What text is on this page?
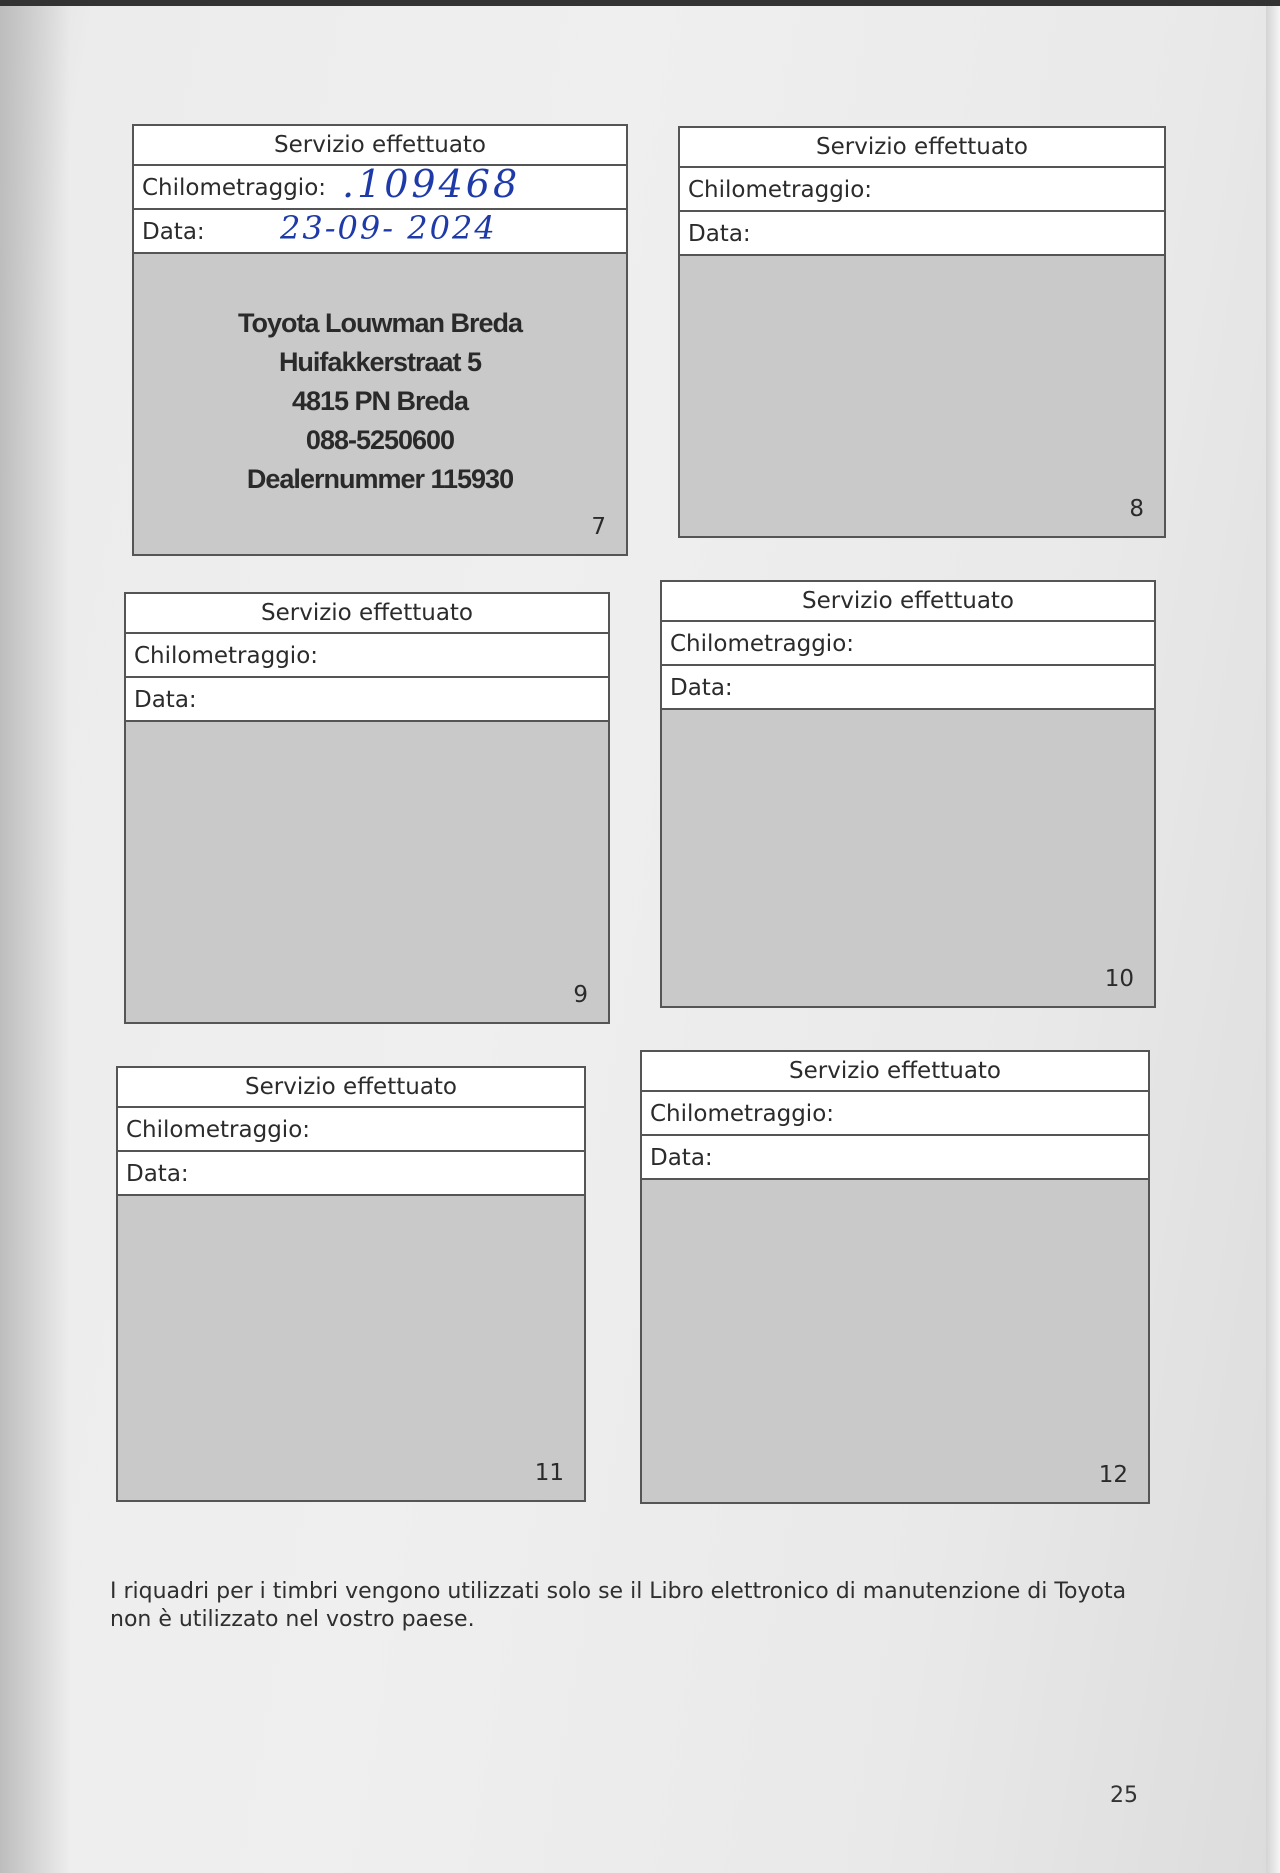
Servizio effettuato
Chilometraggio: .109468
Data: 23-09- 2024
Toyota Louwman Breda
Huifakkerstraat 5
4815 PN Breda
088-5250600
Dealernummer 115930
7
Servizio effettuato
Chilometraggio:
Data:
8
Servizio effettuato
Chilometraggio:
Data:
9
Servizio effettuato
Chilometraggio:
Data:
10
Servizio effettuato
Chilometraggio:
Data:
11
Servizio effettuato
Chilometraggio:
Data:
12
I riquadri per i timbri vengono utilizzati solo se il Libro elettronico di manutenzione di Toyota
non è utilizzato nel vostro paese.
25
